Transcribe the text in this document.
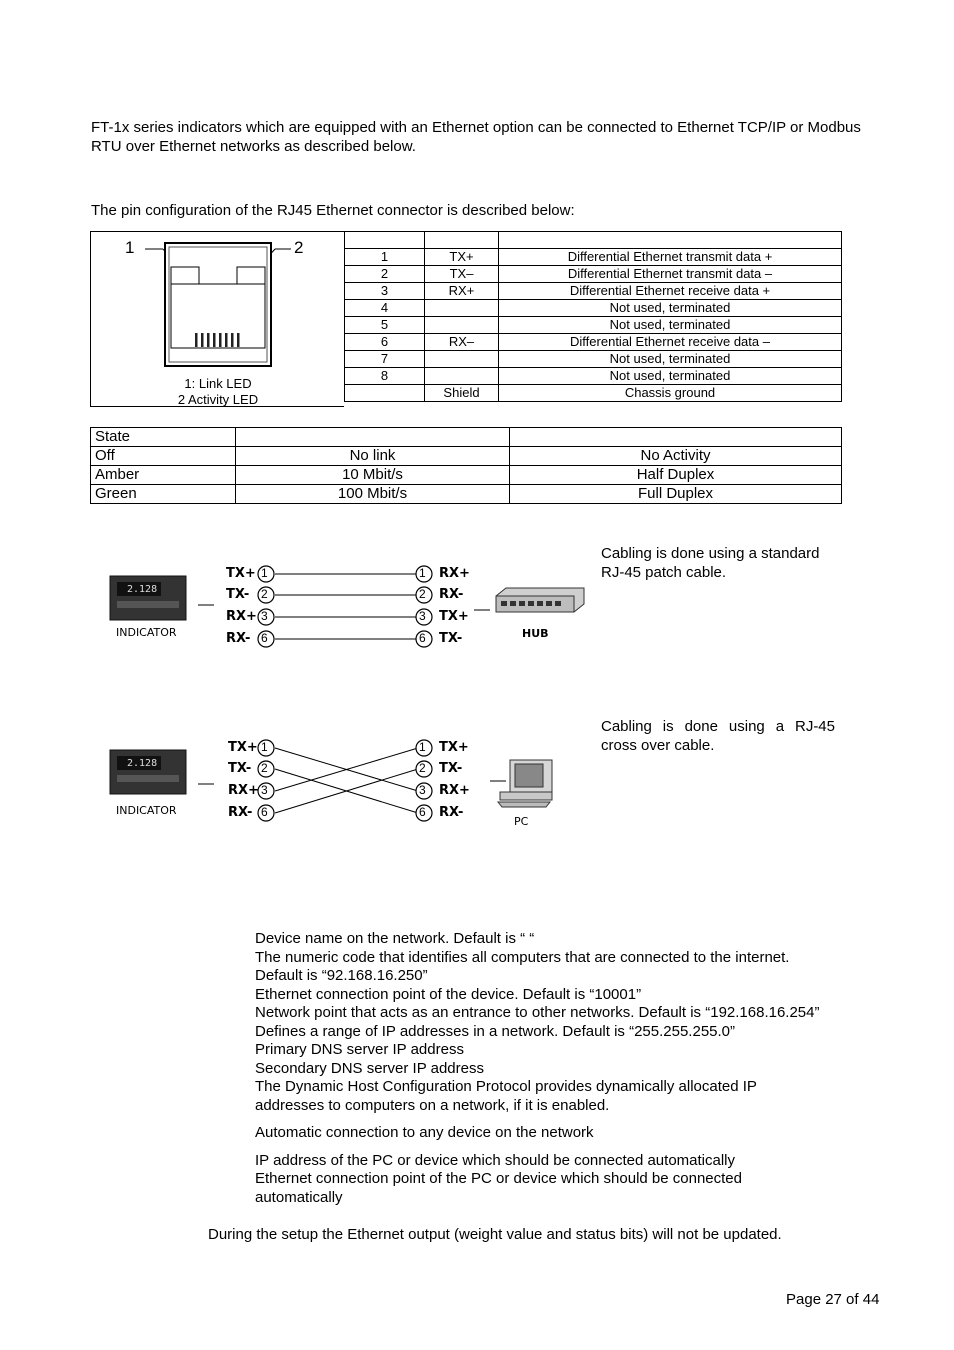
FT-1x series indicators which are equipped with an Ethernet option can be connected to Ethernet TCP/IP or Modbus RTU over Ethernet networks as described below.

The pin configuration of the RJ45 Ethernet connector is described below:

1	2
1: Link LED
2 Activity LED

1	TX+	Differential Ethernet transmit data +
2	TX–	Differential Ethernet transmit data –
3	RX+	Differential Ethernet receive data +
4		Not used, terminated
5		Not used, terminated
6	RX–	Differential Ethernet receive data –
7		Not used, terminated
8		Not used, terminated
	Shield	Chassis ground
State		
Off	No link	No Activity
Amber	10 Mbit/s	Half Duplex
Green	100 Mbit/s	Full Duplex
2.128
INDICATOR	HUB
TX+
TX-
RX+
RX-
1
2
3
6
1
2
3
6
RX+
RX-
TX+
TX-

Cabling is done using a standard RJ-45 patch cable.

2.128
INDICATOR
PC
TX+
TX-
RX+
RX-
1
2
3
6
1
2
3
6
TX+
TX-
RX+
RX-

Cabling is done using a RJ-45 cross over cable.

Device name on the network. Default is “ “

The numeric code that identifies all computers that are connected to the internet. Default is “92.168.16.250”

Ethernet connection point of the device. Default is “10001”

Network point that acts as an entrance to other networks. Default is “192.168.16.254”

Defines a range of IP addresses in a network. Default is “255.255.255.0”

Primary DNS server IP address

Secondary DNS server IP address

The Dynamic Host Configuration Protocol provides dynamically allocated IP addresses to computers on a network, if it is enabled.

Automatic connection to any device on the network

IP address of the PC or device which should be connected automatically

Ethernet connection point of the PC or device which should be connected automatically

During the setup the Ethernet output (weight value and status bits) will not be updated.

Page 27 of 44
